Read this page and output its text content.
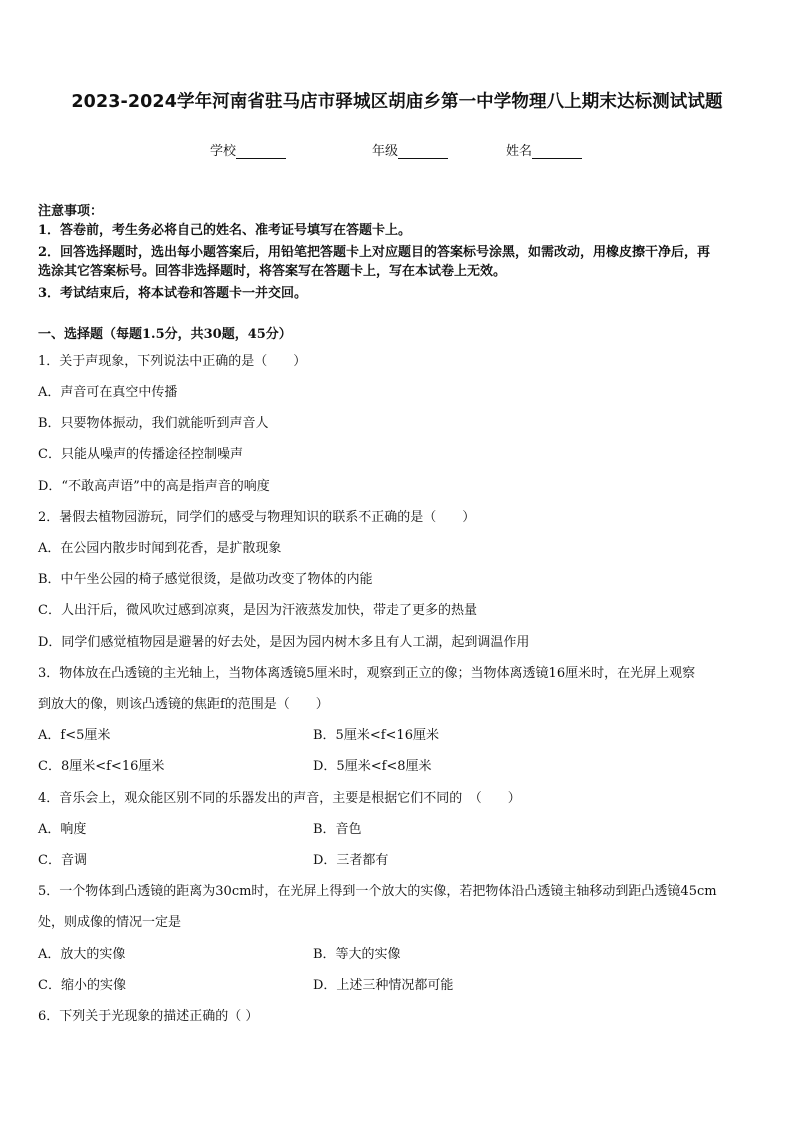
2023-2024学年河南省驻马店市驿城区胡庙乡第一中学物理八上期末达标测试试题
学校	年级	姓名
注意事项：
1．答卷前，考生务必将自己的姓名、准考证号填写在答题卡上。
2．回答选择题时，选出每小题答案后，用铅笔把答题卡上对应题目的答案标号涂黑，如需改动，用橡皮擦干净后，再
选涂其它答案标号。回答非选择题时，将答案写在答题卡上，写在本试卷上无效。
3．考试结束后，将本试卷和答题卡一并交回。
一、选择题（每题1.5分，共30题，45分）
1．关于声现象，下列说法中正确的是（　　）
A．声音可在真空中传播
B．只要物体振动，我们就能听到声音人
C．只能从噪声的传播途径控制噪声
D．“不敢高声语”中的高是指声音的响度
2．暑假去植物园游玩，同学们的感受与物理知识的联系不正确的是（　　）
A．在公园内散步时闻到花香，是扩散现象
B．中午坐公园的椅子感觉很烫，是做功改变了物体的内能
C．人出汗后，微风吹过感到凉爽，是因为汗液蒸发加快，带走了更多的热量
D．同学们感觉植物园是避暑的好去处，是因为园内树木多且有人工湖，起到调温作用
3．物体放在凸透镜的主光轴上，当物体离透镜5厘米时，观察到正立的像；当物体离透镜16厘米时，在光屏上观察
到放大的像，则该凸透镜的焦距f的范围是（　　）
A．f<5厘米	B．5厘米<f<16厘米
C．8厘米<f<16厘米	D．5厘米<f<8厘米
4．音乐会上，观众能区别不同的乐器发出的声音，主要是根据它们不同的　（　　）
A．响度	B．音色
C．音调	D．三者都有
5．一个物体到凸透镜的距离为30cm时，在光屏上得到一个放大的实像，若把物体沿凸透镜主轴移动到距凸透镜45cm
处，则成像的情况一定是
A．放大的实像	B．等大的实像
C．缩小的实像	D．上述三种情况都可能
6．下列关于光现象的描述正确的（ ）
